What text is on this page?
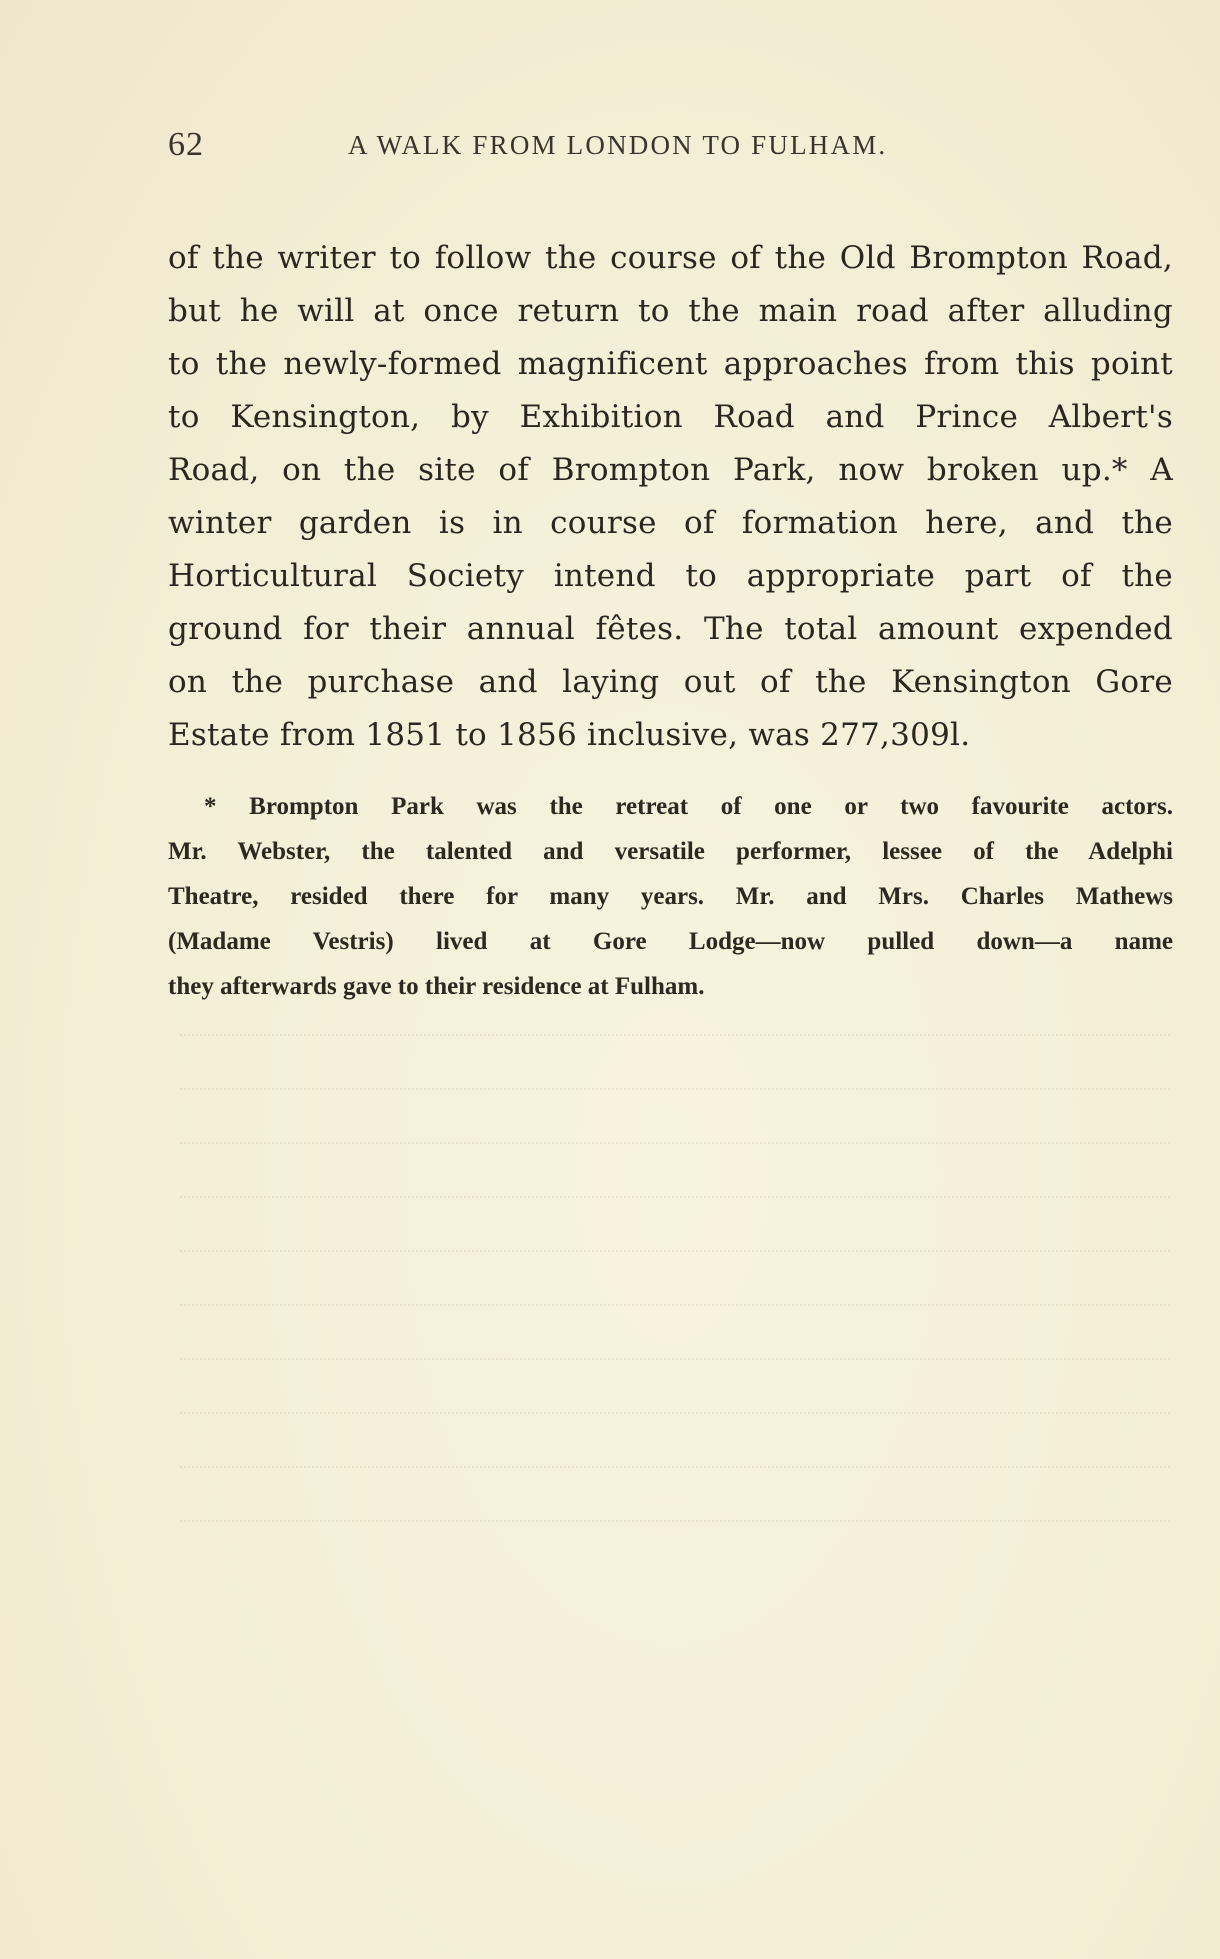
62	A WALK FROM LONDON TO FULHAM.
of the writer to follow the course of the Old Brompton Road,
but he will at once return to the main road after alluding
to the newly-formed magnificent approaches from this point
to Kensington, by Exhibition Road and Prince Albert's
Road, on the site of Brompton Park, now broken up.* A
winter garden is in course of formation here, and the
Horticultural Society intend to appropriate part of the
ground for their annual fêtes. The total amount expended
on the purchase and laying out of the Kensington Gore
Estate from 1851 to 1856 inclusive, was 277,309l.
* Brompton Park was the retreat of one or two favourite actors.
Mr. Webster, the talented and versatile performer, lessee of the Adelphi
Theatre, resided there for many years. Mr. and Mrs. Charles Mathews
(Madame Vestris) lived at Gore Lodge—now pulled down—a name
they afterwards gave to their residence at Fulham.
